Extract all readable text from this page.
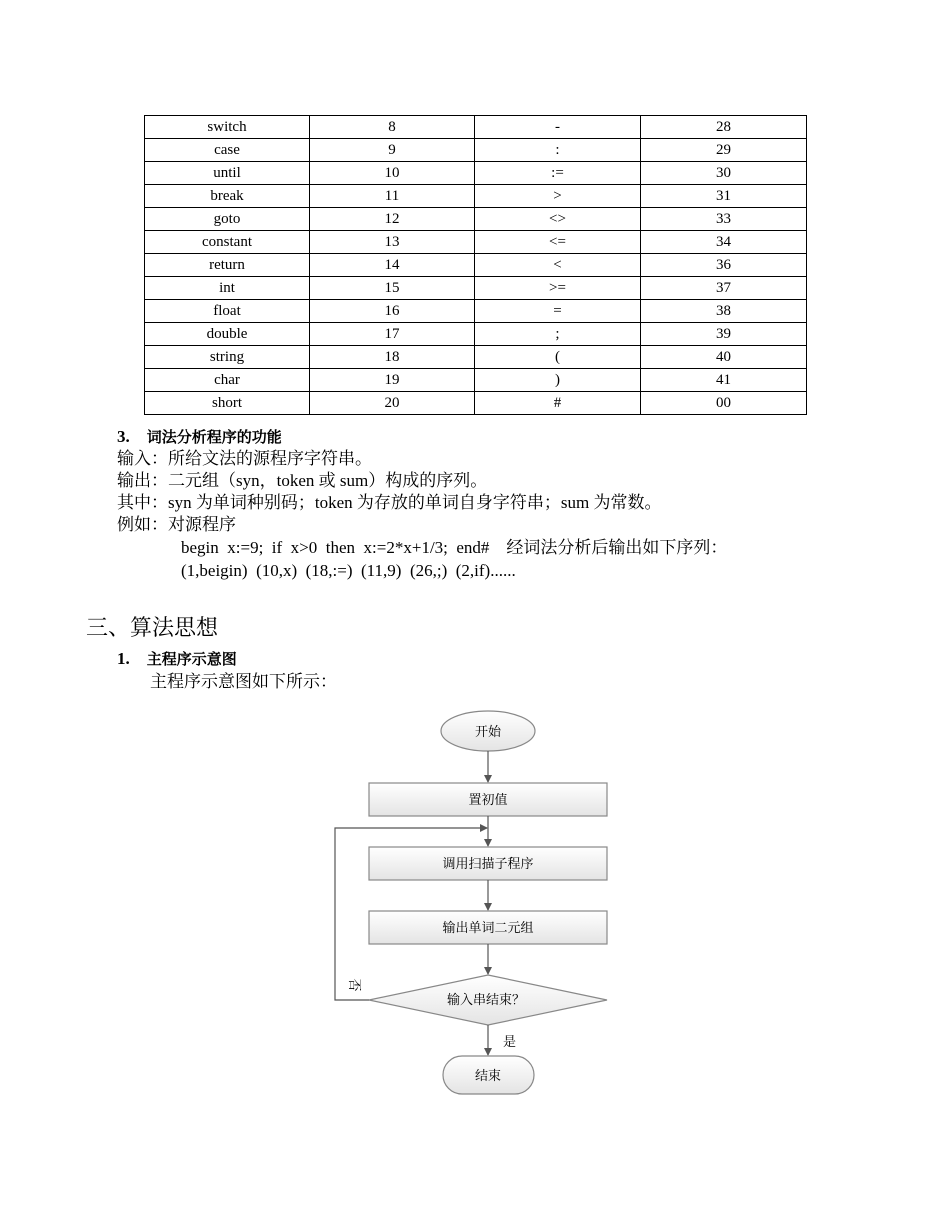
switch	8	-	28
case	9	:	29
until	10	:=	30
break	11	>	31
goto	12	<>	33
constant	13	<=	34
return	14	<	36
int	15	>=	37
float	16	=	38
double	17	;	39
string	18	(	40
char	19	)	41
short	20	#	00
3. 词法分析程序的功能
输入：所给文法的源程序字符串。
输出：二元组（syn，token 或 sum）构成的序列。
其中：syn 为单词种别码；token 为存放的单词自身字符串；sum 为常数。
例如：对源程序
begin  x:=9;  if  x>0  then  x:=2*x+1/3;  end#    经词法分析后输出如下序列：
(1,beigin)  (10,x)  (18,:=)  (11,9)  (26,;)  (2,if)......
三、算法思想
1. 主程序示意图
主程序示意图如下所示：
开始
置初值
调用扫描子程序
输出单词二元组
输入串结束？
否
是
结束
